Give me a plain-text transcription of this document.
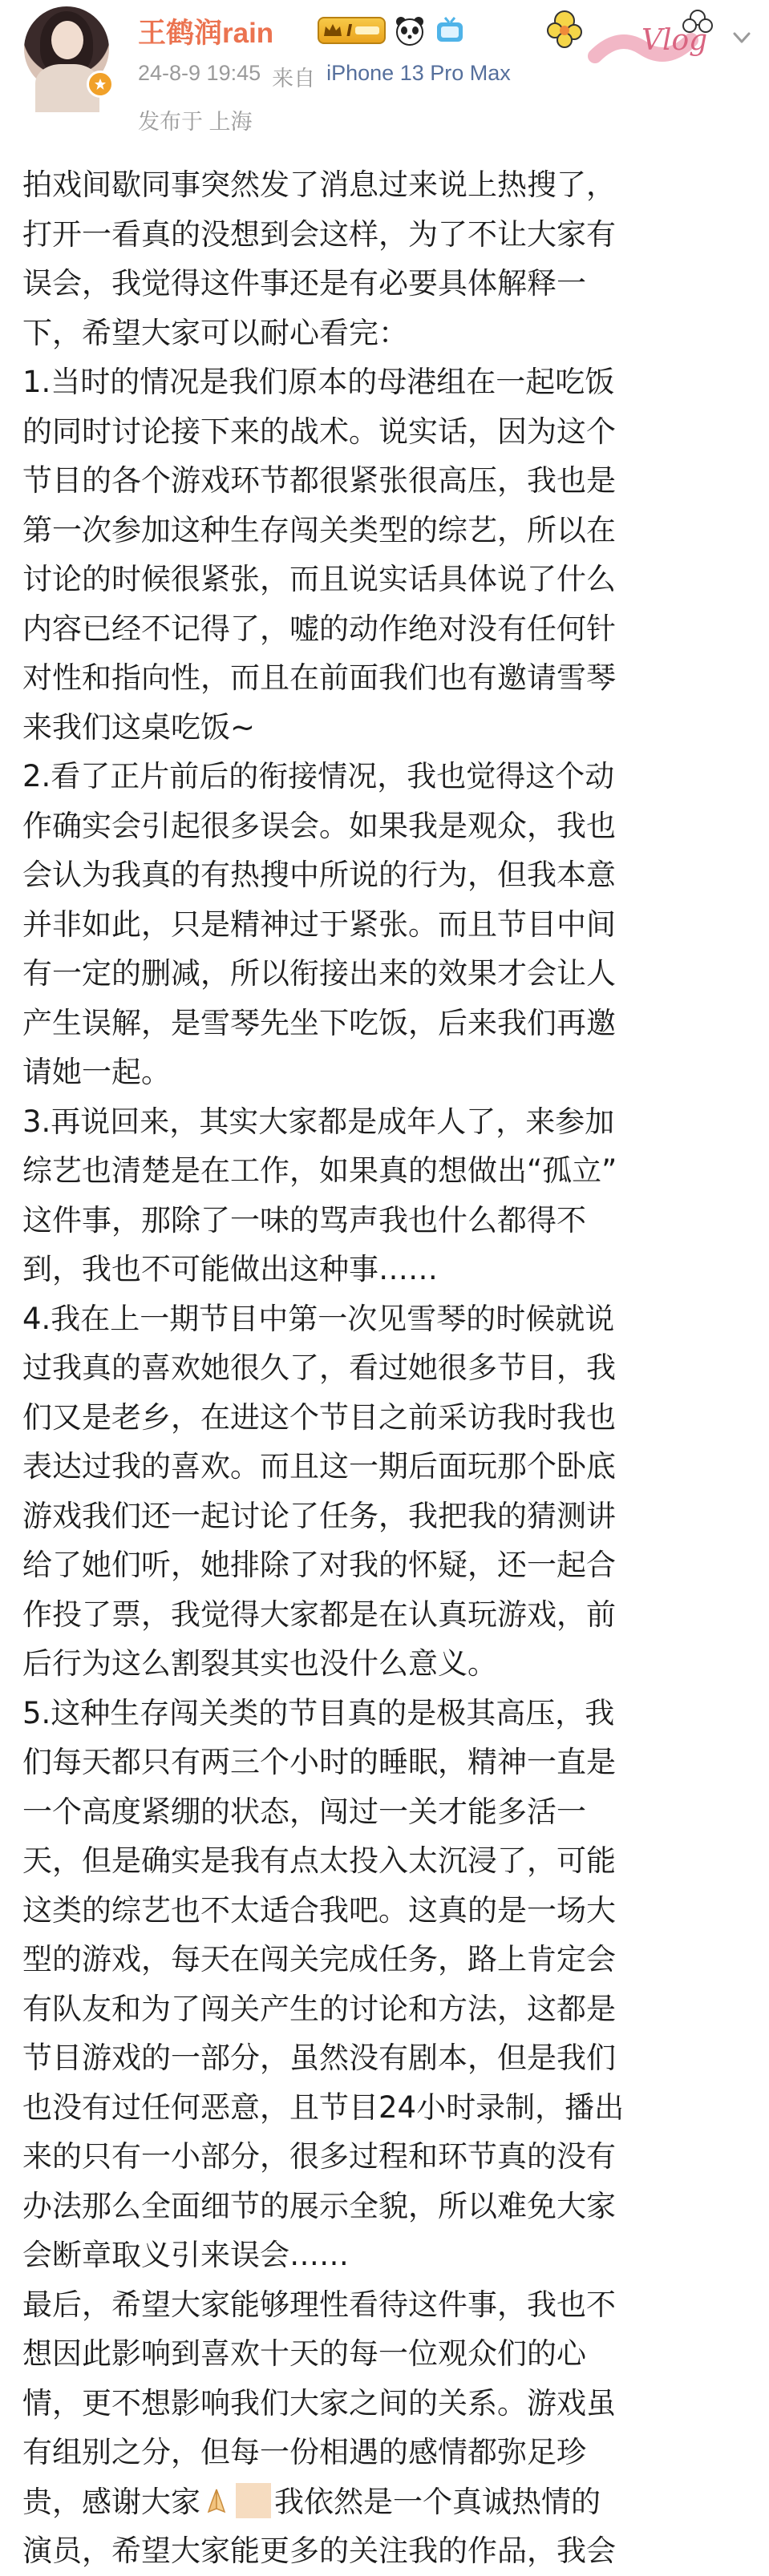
王鹤润rain	I
24-8-9 19:45 来自 iPhone 13 Pro Max
发布于 上海
Vlog
拍戏间歇同事突然发了消息过来说上热搜了，
打开一看真的没想到会这样，为了不让大家有
误会，我觉得这件事还是有必要具体解释一
下，希望大家可以耐心看完：
1.当时的情况是我们原本的母港组在一起吃饭
的同时讨论接下来的战术。说实话，因为这个
节目的各个游戏环节都很紧张很高压，我也是
第一次参加这种生存闯关类型的综艺，所以在
讨论的时候很紧张，而且说实话具体说了什么
内容已经不记得了，嘘的动作绝对没有任何针
对性和指向性，而且在前面我们也有邀请雪琴
来我们这桌吃饭~
2.看了正片前后的衔接情况，我也觉得这个动
作确实会引起很多误会。如果我是观众，我也
会认为我真的有热搜中所说的行为，但我本意
并非如此，只是精神过于紧张。而且节目中间
有一定的删减，所以衔接出来的效果才会让人
产生误解，是雪琴先坐下吃饭，后来我们再邀
请她一起。
3.再说回来，其实大家都是成年人了，来参加
综艺也清楚是在工作，如果真的想做出“孤立”
这件事，那除了一味的骂声我也什么都得不
到，我也不可能做出这种事……
4.我在上一期节目中第一次见雪琴的时候就说
过我真的喜欢她很久了，看过她很多节目，我
们又是老乡，在进这个节目之前采访我时我也
表达过我的喜欢。而且这一期后面玩那个卧底
游戏我们还一起讨论了任务，我把我的猜测讲
给了她们听，她排除了对我的怀疑，还一起合
作投了票，我觉得大家都是在认真玩游戏，前
后行为这么割裂其实也没什么意义。
5.这种生存闯关类的节目真的是极其高压，我
们每天都只有两三个小时的睡眠，精神一直是
一个高度紧绷的状态，闯过一关才能多活一
天，但是确实是我有点太投入太沉浸了，可能
这类的综艺也不太适合我吧。这真的是一场大
型的游戏，每天在闯关完成任务，路上肯定会
有队友和为了闯关产生的讨论和方法，这都是
节目游戏的一部分，虽然没有剧本，但是我们
也没有过任何恶意，且节目24小时录制，播出
来的只有一小部分，很多过程和环节真的没有
办法那么全面细节的展示全貌，所以难免大家
会断章取义引来误会……
最后，希望大家能够理性看待这件事，我也不
想因此影响到喜欢十天的每一位观众们的心
情，更不想影响我们大家之间的关系。游戏虽
有组别之分，但每一份相遇的感情都弥足珍
贵，感谢大家 我依然是一个真诚热情的
演员，希望大家能更多的关注我的作品，我会
